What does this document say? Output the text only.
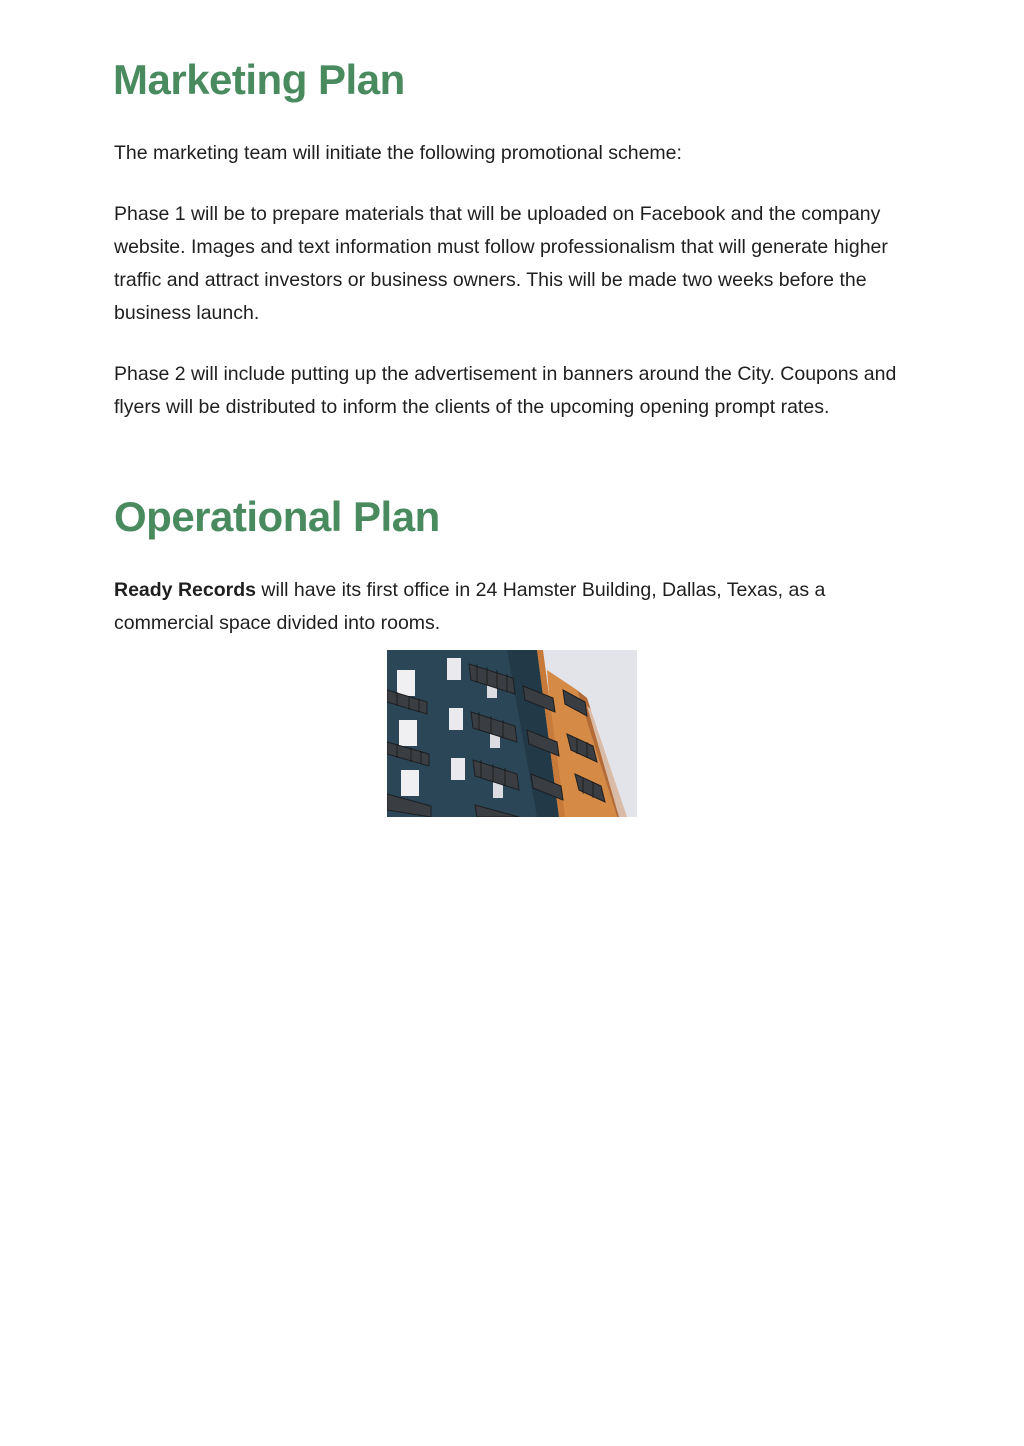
Marketing Plan

The marketing team will initiate the following promotional scheme:

Phase 1 will be to prepare materials that will be uploaded on Facebook and the company website. Images and text information must follow professionalism that will generate higher traffic and attract investors or business owners. This will be made two weeks before the business launch.

Phase 2 will include putting up the advertisement in banners around the City. Coupons and flyers will be distributed to inform the clients of the upcoming opening prompt rates.

Operational Plan

Ready Records will have its first office in 24 Hamster Building, Dallas, Texas, as a commercial space divided into rooms.
